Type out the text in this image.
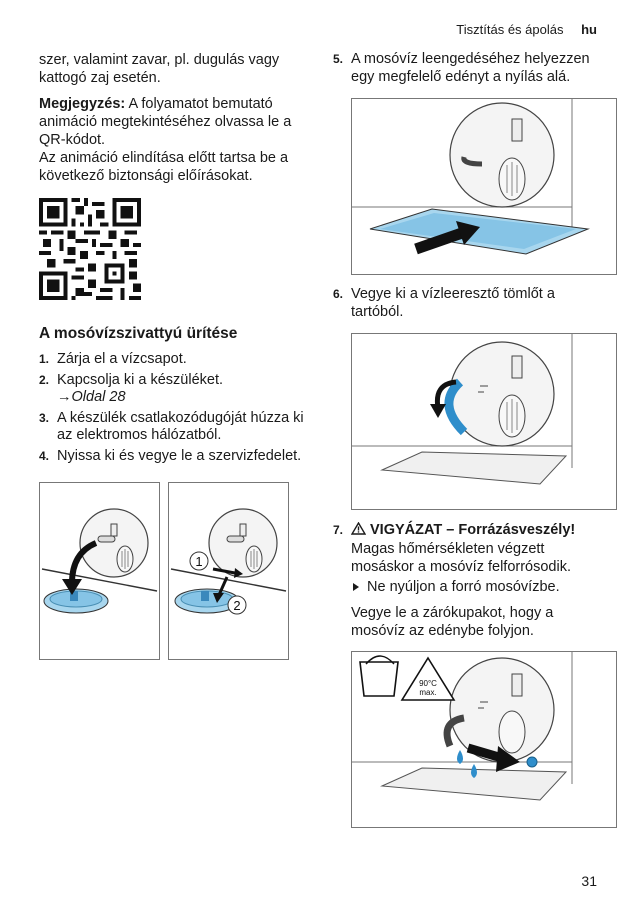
Tisztítás és ápolás hu

szer, valamint zavar, pl. dugulás vagy kattogó zaj esetén.

Megjegyzés: A folyamatot bemutató animáció megtekintéséhez olvassa le a QR-kódot.

Az animáció elindítása előtt tartsa be a következő biztonsági előírásokat.

A mosóvízszivattyú ürítése
1. Zárja el a vízcsapot.
2. Kapcsolja ki a készüléket.
→Oldal 28
3. A készülék csatlakozódugóját húzza ki az elektromos hálózatból.
4. Nyissa ki és vegye le a szervizfedelet.
1
2
5. A mosóvíz leengedéséhez helyezzen egy megfelelő edényt a nyílás alá.
6. Vegye ki a vízleeresztő tömlőt a tartóból.
7. VIGYÁZAT – Forrázásveszély!

Magas hőmérsékleten végzett mosáskor a mosóvíz felforrósodik.

Ne nyúljon a forró mosóvízbe.

Vegye le a zárókupakot, hogy a mosóvíz az edénybe folyjon.

90°C
max.
31
